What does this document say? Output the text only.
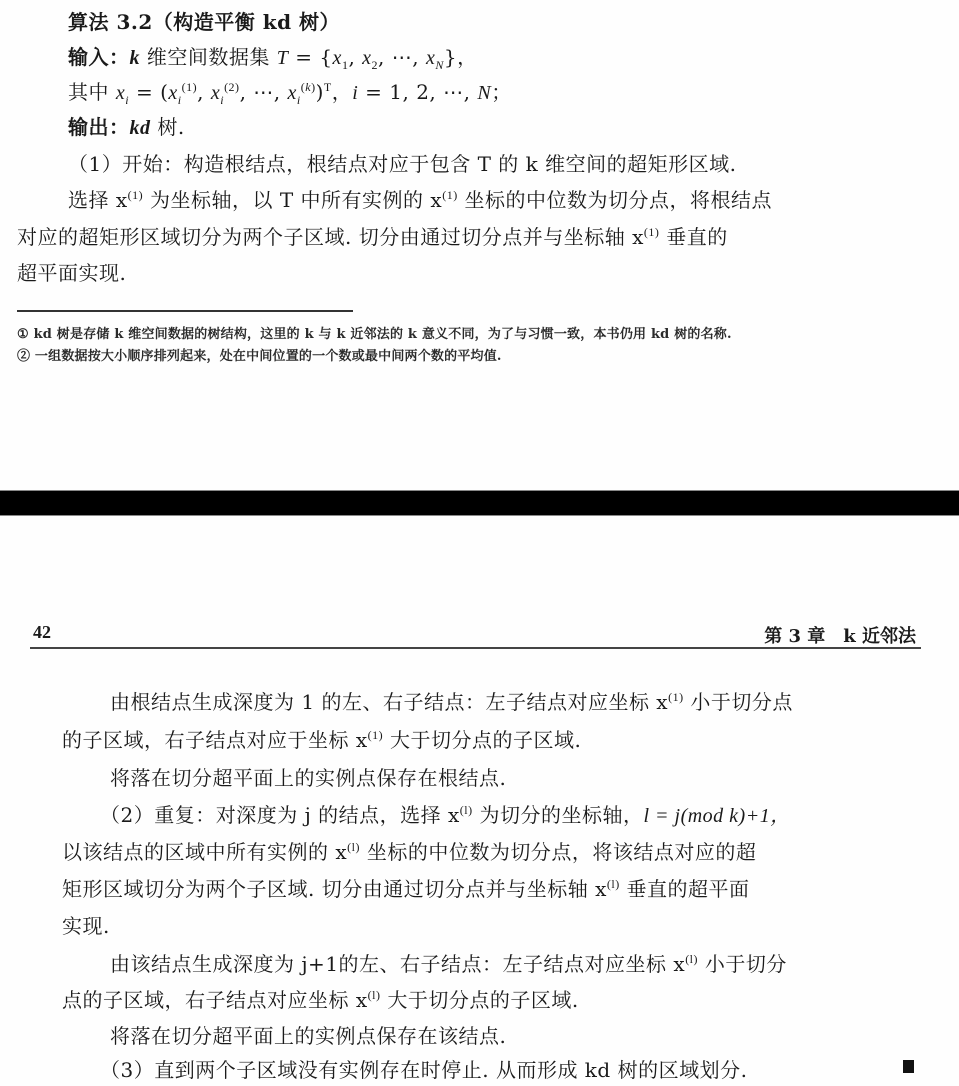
算法 3.2（构造平衡 kd 树）
输入：k 维空间数据集 $T = \{x_1$, $x_2$, ⋯, $x_N$}，
其中 $x_i = (x_i^{(1)}$, $x_i^{(2)}$, ⋯, $x_i^{(k)})^T$，i = 1, 2, ⋯, N；
输出：kd 树.
（1）开始：构造根结点，根结点对应于包含 T 的 k 维空间的超矩形区域.
选择 $x^{(1)}$ 为坐标轴，以 T 中所有实例的 $x^{(1)}$ 坐标的中位数为切分点，将根结点
对应的超矩形区域切分为两个子区域. 切分由通过切分点并与坐标轴 $x^{(1)}$ 垂直的
超平面实现.
① kd 树是存储 k 维空间数据的树结构，这里的 k 与 k 近邻法的 k 意义不同，为了与习惯一致，本书仍用 kd 树的名称.
② 一组数据按大小顺序排列起来，处在中间位置的一个数或最中间两个数的平均值.
42	第 3 章　k 近邻法
由根结点生成深度为 1 的左、右子结点：左子结点对应坐标 $x^{(1)}$ 小于切分点
的子区域，右子结点对应于坐标 $x^{(1)}$ 大于切分点的子区域.
将落在切分超平面上的实例点保存在根结点.
（2）重复：对深度为 j 的结点，选择 $x^{(l)}$ 为切分的坐标轴，l = j(mod k)+1，
以该结点的区域中所有实例的 $x^{(l)}$ 坐标的中位数为切分点，将该结点对应的超
矩形区域切分为两个子区域. 切分由通过切分点并与坐标轴 $x^{(l)}$ 垂直的超平面
实现.
由该结点生成深度为 j+1的左、右子结点：左子结点对应坐标 $x^{(l)}$ 小于切分
点的子区域，右子结点对应坐标 $x^{(l)}$ 大于切分点的子区域.
将落在切分超平面上的实例点保存在该结点.
（3）直到两个子区域没有实例存在时停止. 从而形成 kd 树的区域划分.
